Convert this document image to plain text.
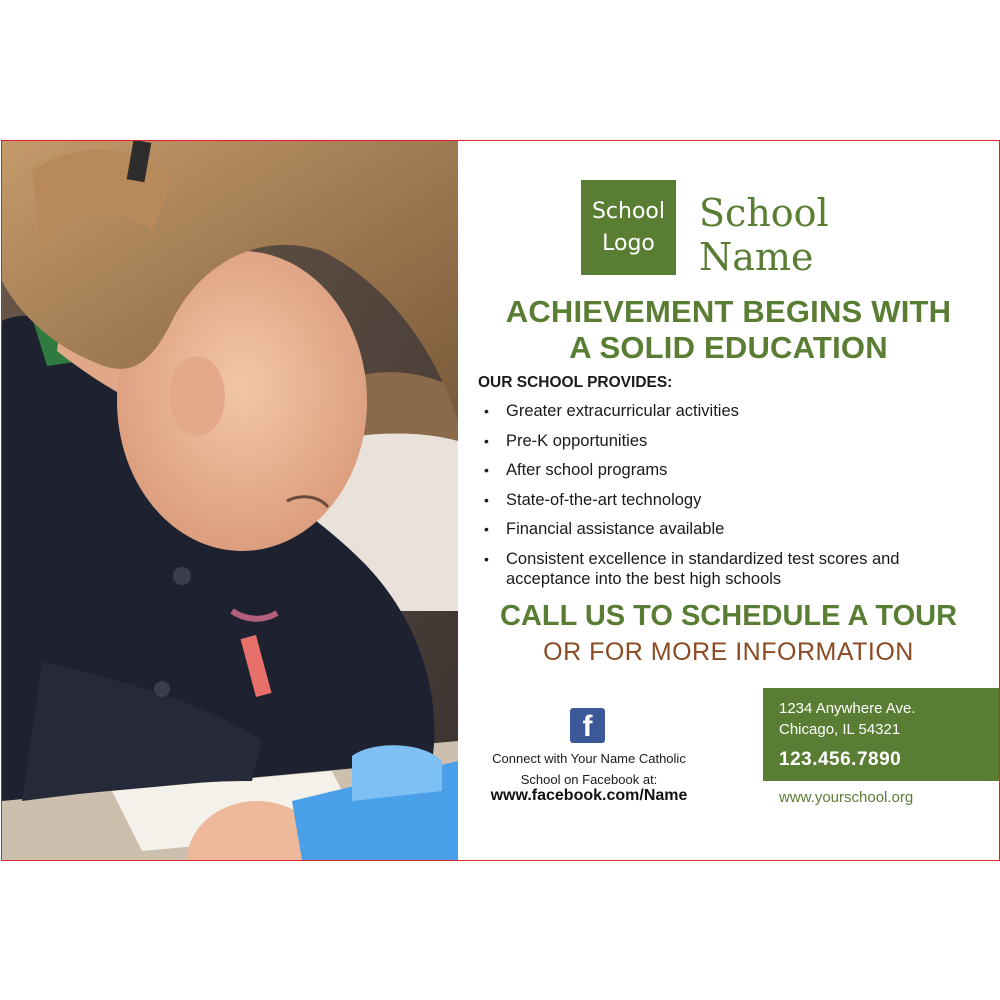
School
Logo
School
Name
ACHIEVEMENT BEGINS WITH
A SOLID EDUCATION
OUR SCHOOL PROVIDES:
• Greater extracurricular activities
• Pre-K opportunities
• After school programs
• State-of-the-art technology
• Financial assistance available
• Consistent excellence in standardized test scores and acceptance into the best high schools
CALL US TO SCHEDULE A TOUR
OR FOR MORE INFORMATION
f
Connect with Your Name Catholic
School on Facebook at:
www.facebook.com/Name
1234 Anywhere Ave.
Chicago, IL 54321
123.456.7890
www.yourschool.org
